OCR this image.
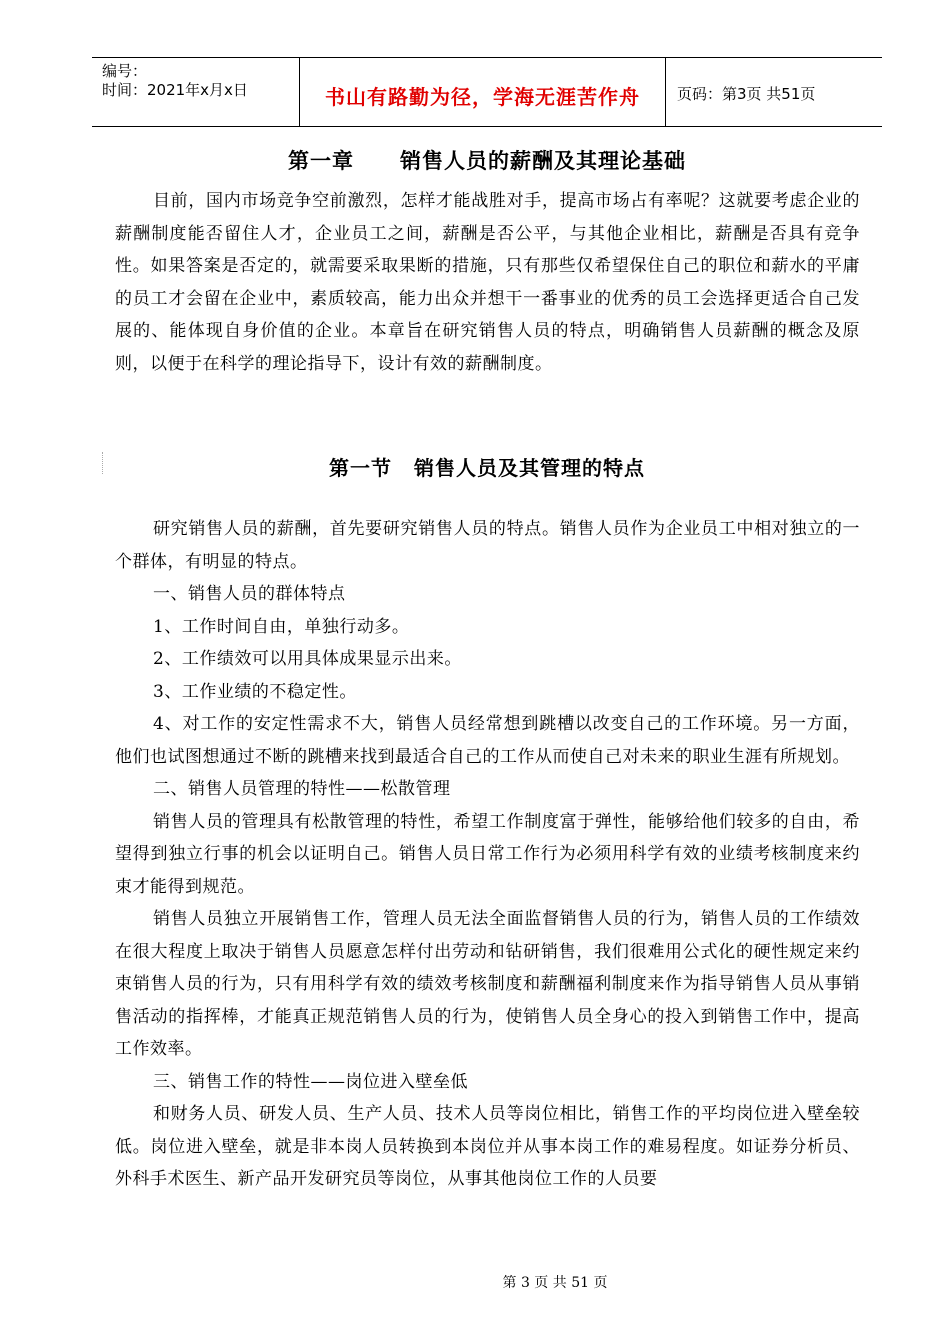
编号：
时间：2021年x月x日	书山有路勤为径，学海无涯苦作舟	页码：第3页 共51页
第一章 销售人员的薪酬及其理论基础

目前，国内市场竞争空前激烈，怎样才能战胜对手，提高市场占有率呢？这就要考虑企业的薪酬制度能否留住人才，企业员工之间，薪酬是否公平，与其他企业相比，薪酬是否具有竞争性。如果答案是否定的，就需要采取果断的措施，只有那些仅希望保住自己的职位和薪水的平庸的员工才会留在企业中，素质较高，能力出众并想干一番事业的优秀的员工会选择更适合自己发展的、能体现自身价值的企业。本章旨在研究销售人员的特点，明确销售人员薪酬的概念及原则，以便于在科学的理论指导下，设计有效的薪酬制度。

第一节 销售人员及其管理的特点

研究销售人员的薪酬，首先要研究销售人员的特点。销售人员作为企业员工中相对独立的一个群体，有明显的特点。

一、销售人员的群体特点

1、工作时间自由，单独行动多。

2、工作绩效可以用具体成果显示出来。

3、工作业绩的不稳定性。

4、对工作的安定性需求不大，销售人员经常想到跳槽以改变自己的工作环境。另一方面，他们也试图想通过不断的跳槽来找到最适合自己的工作从而使自己对未来的职业生涯有所规划。

二、销售人员管理的特性——松散管理

销售人员的管理具有松散管理的特性，希望工作制度富于弹性，能够给他们较多的自由，希望得到独立行事的机会以证明自己。销售人员日常工作行为必须用科学有效的业绩考核制度来约束才能得到规范。

销售人员独立开展销售工作，管理人员无法全面监督销售人员的行为，销售人员的工作绩效在很大程度上取决于销售人员愿意怎样付出劳动和钻研销售，我们很难用公式化的硬性规定来约束销售人员的行为，只有用科学有效的绩效考核制度和薪酬福利制度来作为指导销售人员从事销售活动的指挥棒，才能真正规范销售人员的行为，使销售人员全身心的投入到销售工作中，提高工作效率。

三、销售工作的特性——岗位进入壁垒低

和财务人员、研发人员、生产人员、技术人员等岗位相比，销售工作的平均岗位进入壁垒较低。岗位进入壁垒，就是非本岗人员转换到本岗位并从事本岗工作的难易程度。如证券分析员、外科手术医生、新产品开发研究员等岗位，从事其他岗位工作的人员要

第 3 页 共 51 页
